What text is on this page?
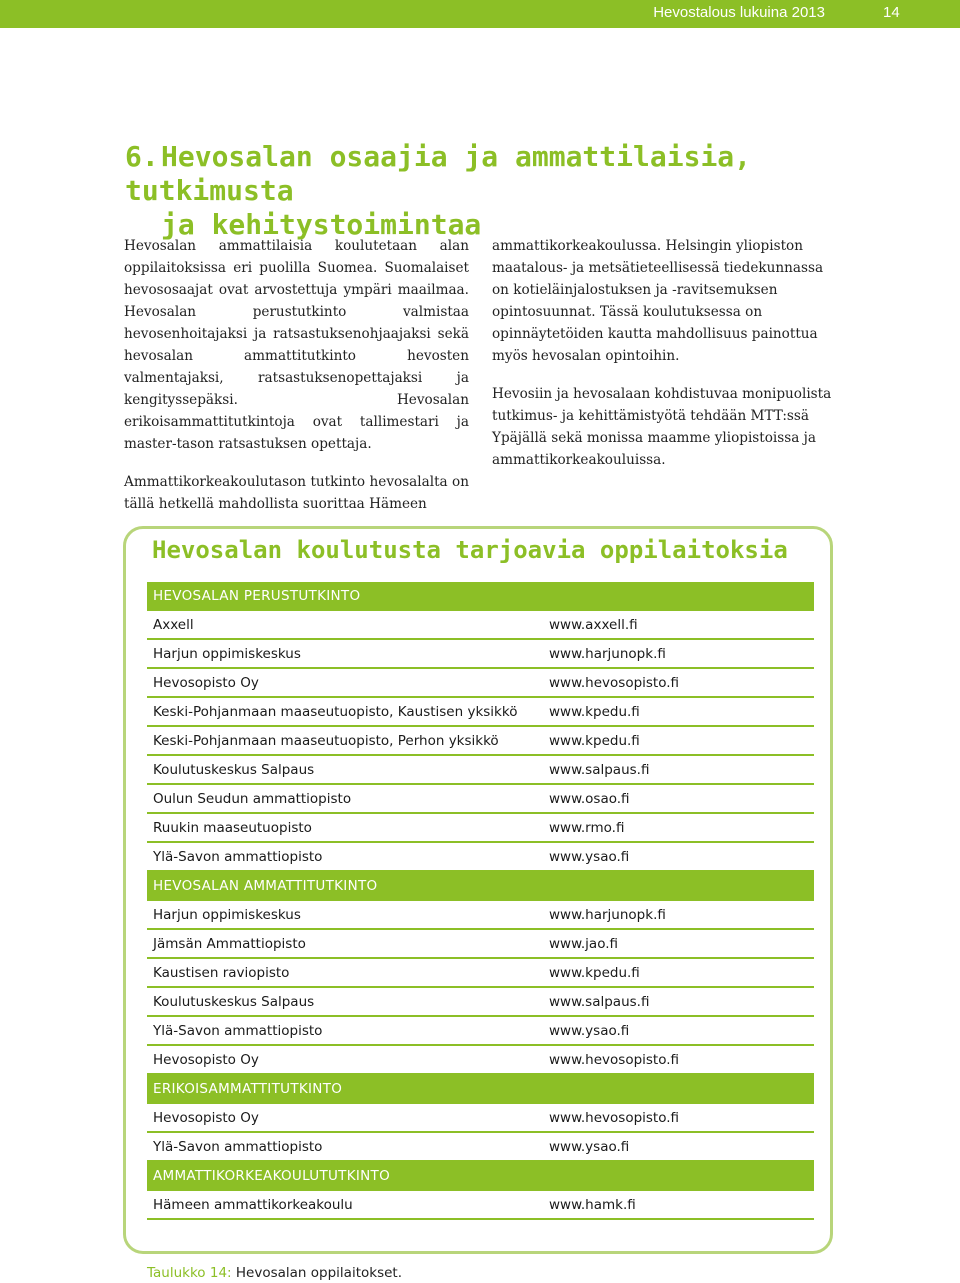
Hevostalous lukuina 2013	14
6.Hevosalan osaajia ja ammattilaisia, tutkimusta
ja kehitystoimintaa

Hevosalan ammattilaisia koulutetaan alan oppilaitoksissa eri puolilla Suomea. Suomalaiset hevososaajat ovat arvostettuja ympäri maailmaa. Hevosalan perustutkinto valmistaa hevosenhoitajaksi ja ratsastuksenohjaajaksi sekä hevosalan ammattitutkinto hevosten valmentajaksi, ratsastuksenopettajaksi ja kengityssepäksi. Hevosalan erikoisammattitutkintoja ovat tallimestari ja master-tason ratsastuksen opettaja.

Ammattikorkeakoulutason tutkinto hevosalalta on tällä hetkellä mahdollista suorittaa Hämeen

ammattikorkeakoulussa. Helsingin yliopiston maatalous- ja metsätieteellisessä tiedekunnassa on kotieläinjalostuksen ja -ravitsemuksen opintosuunnat. Tässä koulutuksessa on opinnäytetöiden kautta mahdollisuus painottua myös hevosalan opintoihin.

Hevosiin ja hevosalaan kohdistuvaa monipuolista tutkimus- ja kehittämistyötä tehdään MTT:ssä Ypäjällä sekä monissa maamme yliopistoissa ja ammattikorkeakouluissa.

Hevosalan koulutusta tarjoavia oppilaitoksia
HEVOSALAN PERUSTUTKINTO
Axxell	www.axxell.fi
Harjun oppimiskeskus	www.harjunopk.fi
Hevosopisto Oy	www.hevosopisto.fi
Keski-Pohjanmaan maaseutuopisto, Kaustisen yksikkö www.kpedu.fi
Keski-Pohjanmaan maaseutuopisto, Perhon yksikkö	www.kpedu.fi
Koulutuskeskus Salpaus	www.salpaus.fi
Oulun Seudun ammattiopisto	www.osao.fi
Ruukin maaseutuopisto	www.rmo.fi
Ylä-Savon ammattiopisto	www.ysao.fi
HEVOSALAN AMMATTITUTKINTO
Harjun oppimiskeskus	www.harjunopk.fi
Jämsän Ammattiopisto	www.jao.fi
Kaustisen raviopisto	www.kpedu.fi
Koulutuskeskus Salpaus	www.salpaus.fi
Ylä-Savon ammattiopisto	www.ysao.fi
Hevosopisto Oy	www.hevosopisto.fi
ERIKOISAMMATTITUTKINTO
Hevosopisto Oy	www.hevosopisto.fi
Ylä-Savon ammattiopisto	www.ysao.fi
AMMATTIKORKEAKOULUTUTKINTO
Hämeen ammattikorkeakoulu	www.hamk.fi
Taulukko 14: Hevosalan oppilaitokset.
